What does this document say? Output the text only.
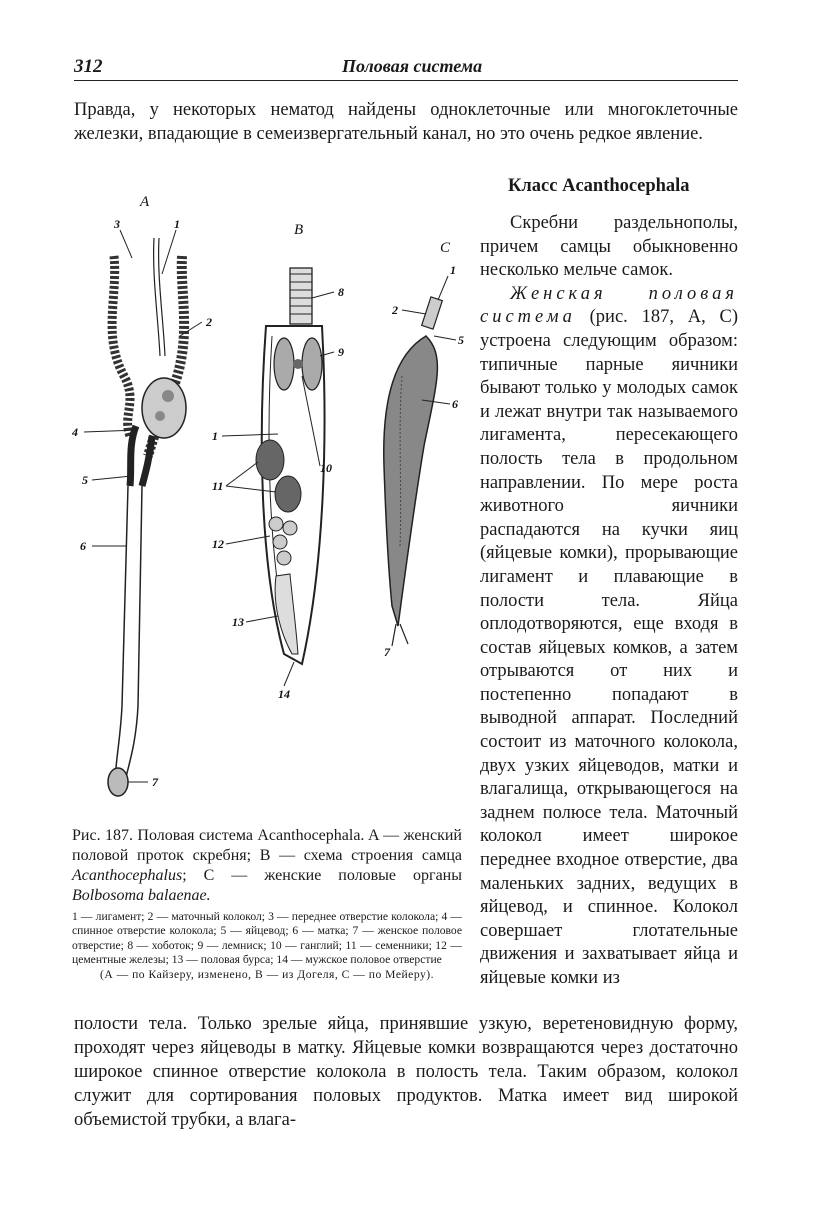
312	Половая система

Правда, у некоторых нематод найдены одноклеточные или многоклеточные железки, впадающие в семеизвергательный канал, но это очень редкое явление.

A
3	1
2
4
5
6
7
B
8
9
1
10
11
12
13
14
C
1
2
5
6
7

Рис. 187. Половая система Acanthocephala. A — женский половой проток скребня; B — схема строения самца Acanthocephalus; C — женские половые органы Bolbosoma balaenae.

1 — лигамент; 2 — маточный колокол; 3 — переднее отверстие колокола; 4 — спинное отверстие колокола; 5 — яйцевод; 6 — матка; 7 — женское половое отверстие; 8 — хоботок; 9 — лемниск; 10 — ганглий; 11 — семенники; 12 — цементные железы; 13 — половая бурса; 14 — мужское половое отверстие

(А — по Кайзеру, изменено, В — из Догеля, С — по Мейеру).

Класс Acanthocephala

Скребни раздельнополы, причем самцы обыкновенно несколько мельче самок.

Женская половая система (рис. 187, А, С) устроена следующим образом: типичные парные яичники бывают только у молодых самок и лежат внутри так называемого лигамента, пересекающего полость тела в продольном направлении. По мере роста животного яичники распадаются на кучки яиц (яйцевые комки), прорывающие лигамент и плавающие в полости тела. Яйца оплодотворяются, еще входя в состав яйцевых комков, а затем отрываются от них и постепенно попадают в выводной аппарат. Последний состоит из маточного колокола, двух узких яйцеводов, матки и влагалища, открывающегося на заднем полюсе тела. Маточный колокол имеет широкое переднее входное отверстие, два маленьких задних, ведущих в яйцевод, и спинное. Колокол совершает глотательные движения и захватывает яйца и яйцевые комки из

полости тела. Только зрелые яйца, принявшие узкую, веретеновидную форму, проходят через яйцеводы в матку. Яйцевые комки возвращаются через достаточно широкое спинное отверстие колокола в полость тела. Таким образом, колокол служит для сортирования половых продуктов. Матка имеет вид широкой объемистой трубки, а влага-
